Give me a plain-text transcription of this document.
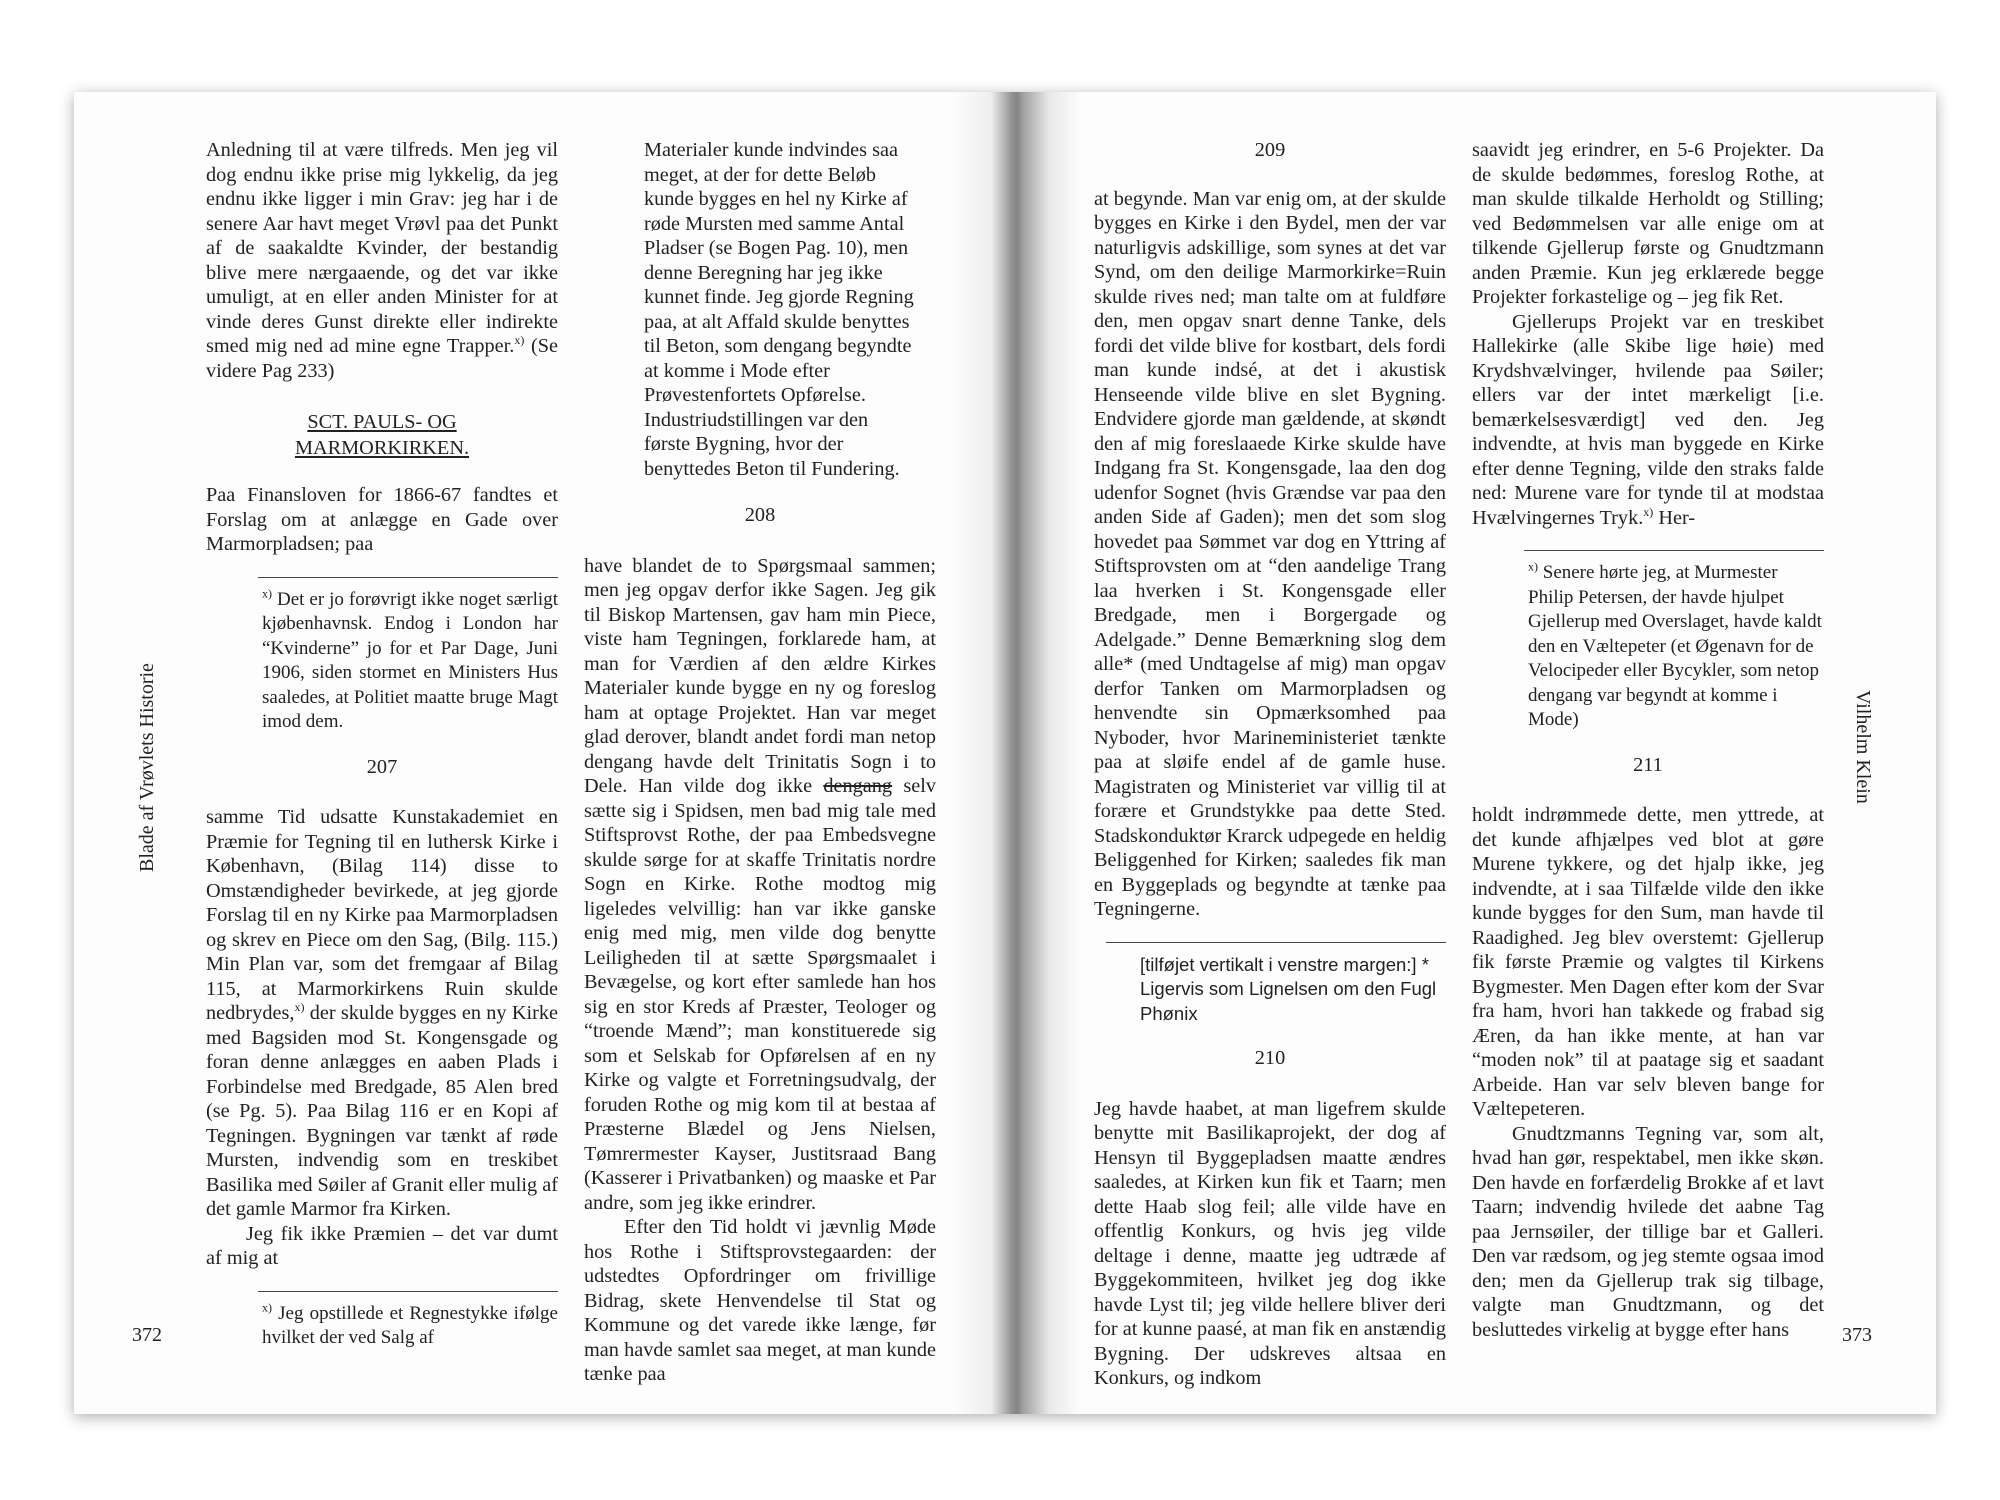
Blade af Vrøvlets Historie

Anledning til at være tilfreds. Men jeg vil dog endnu ikke prise mig lykkelig, da jeg endnu ikke ligger i min Grav: jeg har i de senere Aar havt meget Vrøvl paa det Punkt af de saakaldte Kvinder, der bestandig blive mere nærgaaende, og det var ikke umuligt, at en eller anden Minister for at vinde deres Gunst direkte eller indirekte smed mig ned ad mine egne Trapper.$^{x)}$ (Se videre Pag 233)

SCT. PAULS- OG
MARMORKIRKEN.

Paa Finansloven for 1866-67 fandtes et Forslag om at anlægge en Gade over Marmorpladsen; paa

$^{x)}$ Det er jo forøvrigt ikke noget særligt kjøbenhavnsk. Endog i London har “Kvinderne” jo for et Par Dage, Juni 1906, siden stormet en Ministers Hus saaledes, at Politiet maatte bruge Magt imod dem.

207

samme Tid udsatte Kunstakademiet en Præmie for Tegning til en luthersk Kirke i København, (Bilag 114) disse to Omstændigheder bevirkede, at jeg gjorde Forslag til en ny Kirke paa Marmorpladsen og skrev en Piece om den Sag, (Bilg. 115.) Min Plan var, som det fremgaar af Bilag 115, at Marmorkirkens Ruin skulde nedbrydes,$^{x)}$ der skulde bygges en ny Kirke med Bagsiden mod St. Kongensgade og foran denne anlægges en aaben Plads i Forbindelse med Bredgade, 85 Alen bred (se Pg. 5). Paa Bilag 116 er en Kopi af Tegningen. Bygningen var tænkt af røde Mursten, indvendig som en treskibet Basilika med Søiler af Granit eller mulig af det gamle Marmor fra Kirken.

Jeg fik ikke Præmien – det var dumt af mig at

$^{x)}$ Jeg opstillede et Regnestykke ifølge hvilket der ved Salg af

Materialer kunde indvindes saa meget, at der for dette Beløb kunde bygges en hel ny Kirke af røde Mursten med samme Antal Pladser (se Bogen Pag. 10), men denne Beregning har jeg ikke kunnet finde. Jeg gjorde Regning paa, at alt Affald skulde benyttes til Beton, som dengang begyndte at komme i Mode efter Prøvestenfortets Opførelse. Industriudstillingen var den første Bygning, hvor der benyttedes Beton til Fundering.

208

have blandet de to Spørgsmaal sammen; men jeg opgav derfor ikke Sagen. Jeg gik til Biskop Martensen, gav ham min Piece, viste ham Tegningen, forklarede ham, at man for Værdien af den ældre Kirkes Materialer kunde bygge en ny og foreslog ham at optage Projektet. Han var meget glad derover, blandt andet fordi man netop dengang havde delt Trinitatis Sogn i to Dele. Han vilde dog ikke dengang selv sætte sig i Spidsen, men bad mig tale med Stiftsprovst Rothe, der paa Embedsvegne skulde sørge for at skaffe Trinitatis nordre Sogn en Kirke. Rothe modtog mig ligeledes velvillig: han var ikke ganske enig med mig, men vilde dog benytte Leiligheden til at sætte Spørgsmaalet i Bevægelse, og kort efter samlede han hos sig en stor Kreds af Præster, Teologer og “troende Mænd”; man konstituerede sig som et Selskab for Opførelsen af en ny Kirke og valgte et Forretningsudvalg, der foruden Rothe og mig kom til at bestaa af Præsterne Blædel og Jens Nielsen, Tømrermester Kayser, Justitsraad Bang (Kasserer i Privatbanken) og maaske et Par andre, som jeg ikke erindrer.

Efter den Tid holdt vi jævnlig Møde hos Rothe i Stiftsprovstegaarden: der udstedtes Opfordringer om frivillige Bidrag, skete Henvendelse til Stat og Kommune og det varede ikke længe, før man havde samlet saa meget, at man kunde tænke paa

372

209

at begynde. Man var enig om, at der skulde bygges en Kirke i den Bydel, men der var naturligvis adskillige, som synes at det var Synd, om den deilige Marmorkirke=Ruin skulde rives ned; man talte om at fuldføre den, men opgav snart denne Tanke, dels fordi det vilde blive for kostbart, dels fordi man kunde indsé, at det i akustisk Henseende vilde blive en slet Bygning. Endvidere gjorde man gældende, at skøndt den af mig foreslaaede Kirke skulde have Indgang fra St. Kongensgade, laa den dog udenfor Sognet (hvis Grændse var paa den anden Side af Gaden); men det som slog hovedet paa Sømmet var dog en Yttring af Stiftsprovsten om at “den aandelige Trang laa hverken i St. Kongensgade eller Bredgade, men i Borgergade og Adelgade.” Denne Bemærkning slog dem alle* (med Undtagelse af mig) man opgav derfor Tanken om Marmorpladsen og henvendte sin Opmærksomhed paa Nyboder, hvor Marineministeriet tænkte paa at sløife endel af de gamle huse. Magistraten og Ministeriet var villig til at forære et Grundstykke paa dette Sted. Stadskonduktør Krarck udpegede en heldig Beliggenhed for Kirken; saaledes fik man en Byggeplads og begyndte at tænke paa Tegningerne.

[tilføjet vertikalt i venstre margen:] * Ligervis som Lignelsen om den Fugl Phønix

210

Jeg havde haabet, at man ligefrem skulde benytte mit Basilikaprojekt, der dog af Hensyn til Byggepladsen maatte ændres saaledes, at Kirken kun fik et Taarn; men dette Haab slog feil; alle vilde have en offentlig Konkurs, og hvis jeg vilde deltage i denne, maatte jeg udtræde af Byggekommiteen, hvilket jeg dog ikke havde Lyst til; jeg vilde hellere bliver deri for at kunne paasé, at man fik en anstændig Bygning. Der udskreves altsaa en Konkurs, og indkom

saavidt jeg erindrer, en 5-6 Projekter. Da de skulde bedømmes, foreslog Rothe, at man skulde tilkalde Herholdt og Stilling; ved Bedømmelsen var alle enige om at tilkende Gjellerup første og Gnudtzmann anden Præmie. Kun jeg erklærede begge Projekter forkastelige og – jeg fik Ret.

Gjellerups Projekt var en treskibet Hallekirke (alle Skibe lige høie) med Krydshvælvinger, hvilende paa Søiler; ellers var der intet mærkeligt [i.e. bemærkelsesværdigt] ved den. Jeg indvendte, at hvis man byggede en Kirke efter denne Tegning, vilde den straks falde ned: Murene vare for tynde til at modstaa Hvælvingernes Tryk.$^{x)}$ Her-

$^{x)}$ Senere hørte jeg, at Murmester Philip Petersen, der havde hjulpet Gjellerup med Overslaget, havde kaldt den en Væltepeter (et Øgenavn for de Velocipeder eller Bycykler, som netop dengang var begyndt at komme i Mode)

211

holdt indrømmede dette, men yttrede, at det kunde afhjælpes ved blot at gøre Murene tykkere, og det hjalp ikke, jeg indvendte, at i saa Tilfælde vilde den ikke kunde bygges for den Sum, man havde til Raadighed. Jeg blev overstemt: Gjellerup fik første Præmie og valgtes til Kirkens Bygmester. Men Dagen efter kom der Svar fra ham, hvori han takkede og frabad sig Æren, da han ikke mente, at han var “moden nok” til at paatage sig et saadant Arbeide. Han var selv bleven bange for Væltepeteren.

Gnudtzmanns Tegning var, som alt, hvad han gør, respektabel, men ikke skøn. Den havde en forfærdelig Brokke af et lavt Taarn; indvendig hvilede det aabne Tag paa Jernsøiler, der tillige bar et Galleri. Den var rædsom, og jeg stemte ogsaa imod den; men da Gjellerup trak sig tilbage, valgte man Gnudtzmann, og det besluttedes virkelig at bygge efter hans

Vilhelm Klein
373
